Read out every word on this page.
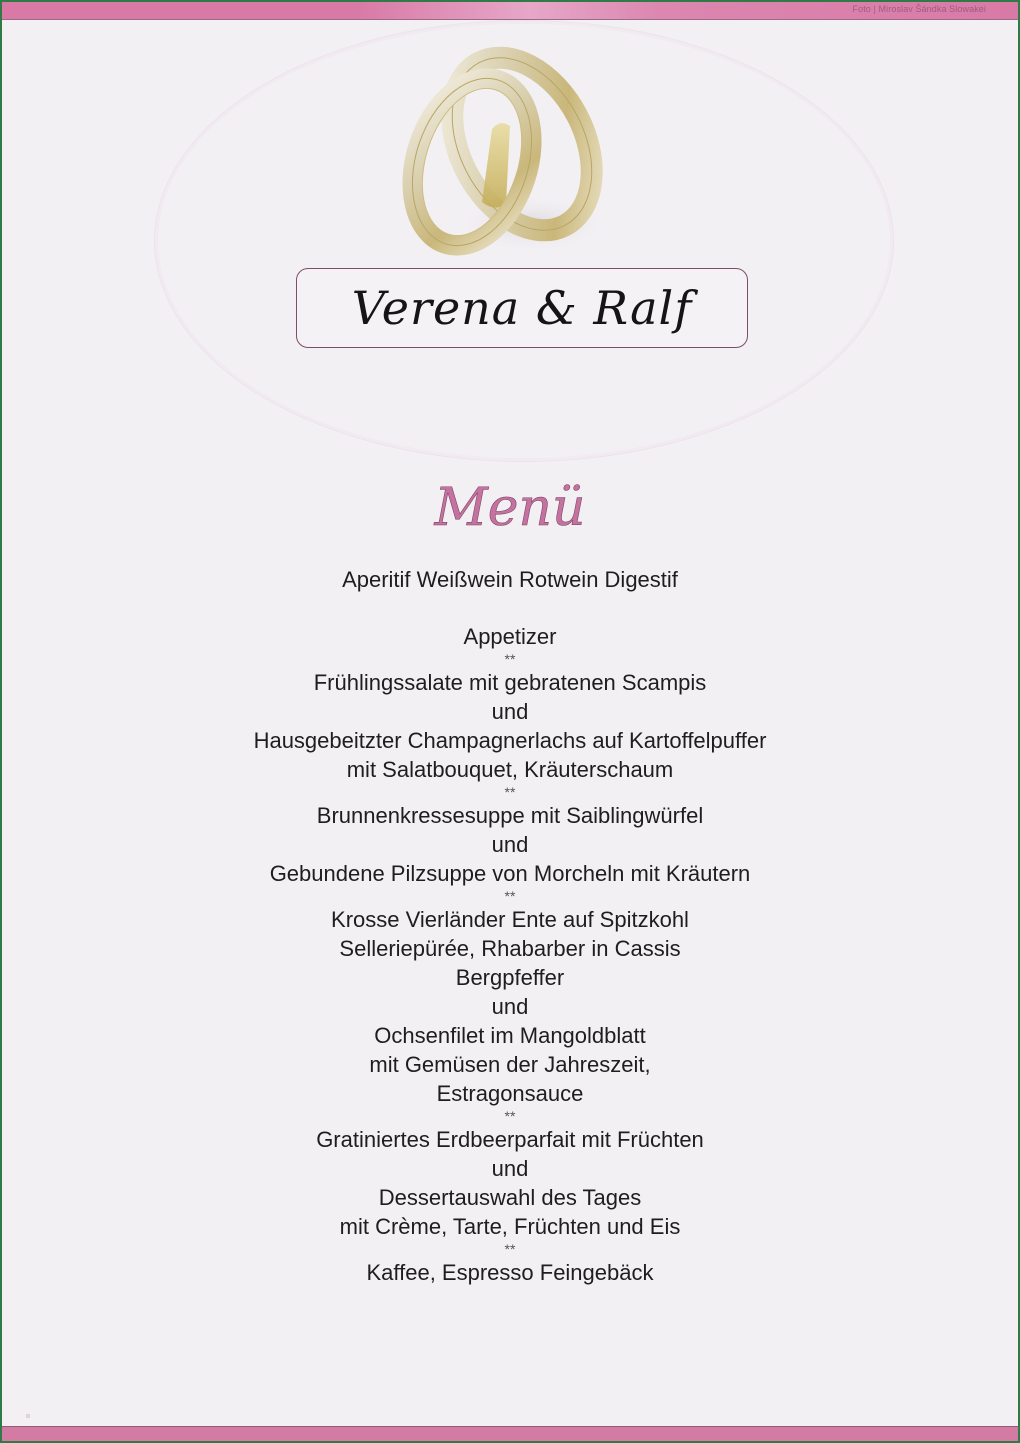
Foto | Miroslav Šándka Slowakei
Verena & Ralf
Menü
Aperitif Weißwein Rotwein Digestif
Appetizer
**
Frühlingssalate mit gebratenen Scampis
und
Hausgebeitzter Champagnerlachs auf Kartoffelpuffer
mit Salatbouquet, Kräuterschaum
**
Brunnenkressesuppe mit Saiblingwürfel
und
Gebundene Pilzsuppe von Morcheln mit Kräutern
**
Krosse Vierländer Ente auf Spitzkohl
Selleriepürée, Rhabarber in Cassis
Bergpfeffer
und
Ochsenfilet im Mangoldblatt
mit Gemüsen der Jahreszeit,
Estragonsauce
**
Gratiniertes Erdbeerparfait mit Früchten
und
Dessertauswahl des Tages
mit Crème, Tarte, Früchten und Eis
**
Kaffee, Espresso Feingebäck
